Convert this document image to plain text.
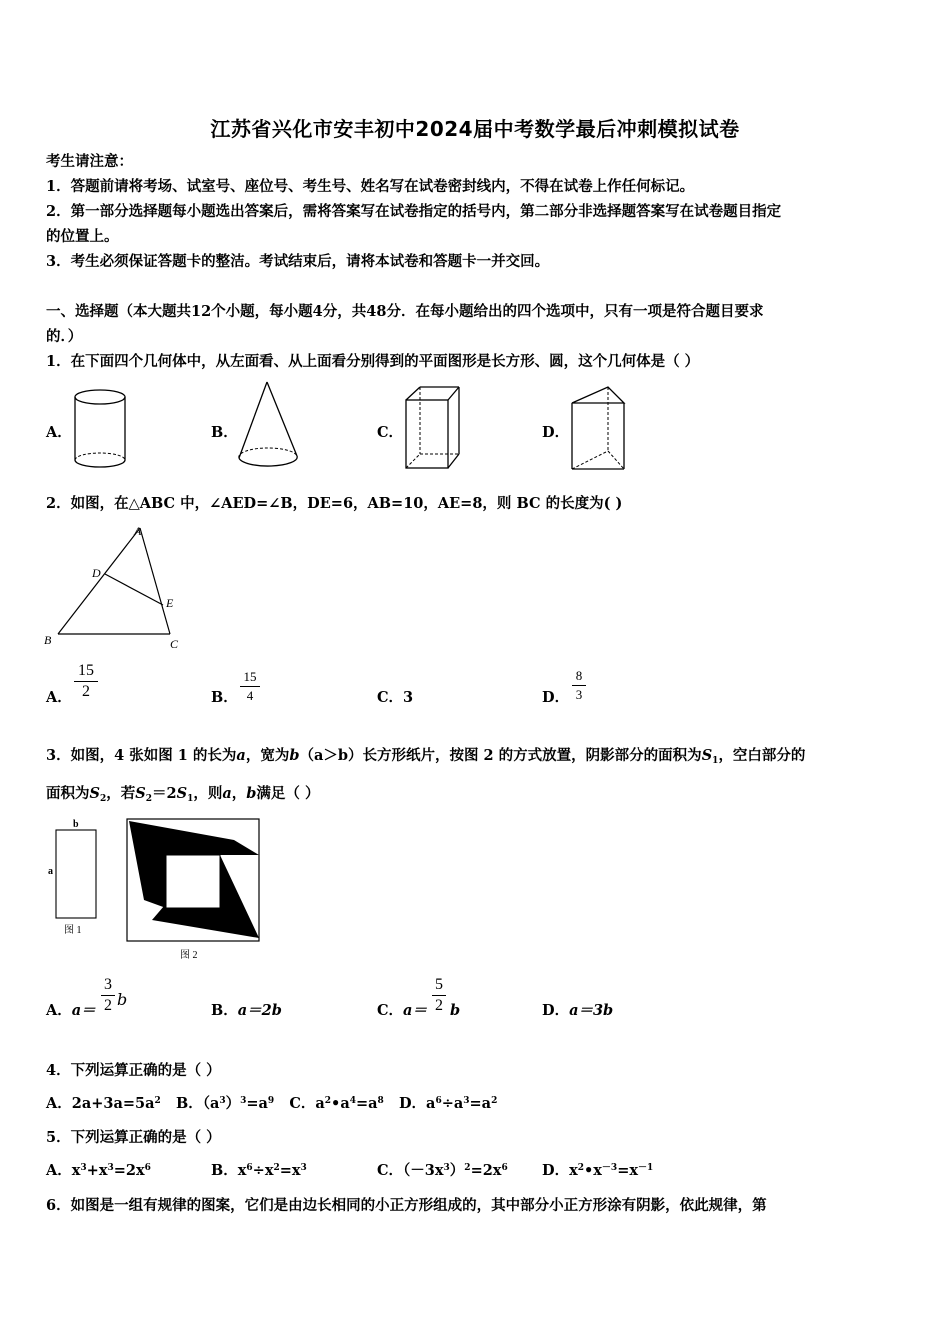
江苏省兴化市安丰初中2024届中考数学最后冲刺模拟试卷
考生请注意：
1．答题前请将考场、试室号、座位号、考生号、姓名写在试卷密封线内，不得在试卷上作任何标记。
2．第一部分选择题每小题选出答案后，需将答案写在试卷指定的括号内，第二部分非选择题答案写在试卷题目指定
的位置上。
3．考生必须保证答题卡的整洁。考试结束后，请将本试卷和答题卡一并交回。
一、选择题（本大题共12个小题，每小题4分，共48分．在每小题给出的四个选项中，只有一项是符合题目要求
的．）
1．在下面四个几何体中，从左面看、从上面看分别得到的平面图形是长方形、圆，这个几何体是（ ）
A．	B．	C．	D．
2．如图，在△ABC 中，∠AED=∠B，DE=6，AB=10，AE=8，则 BC 的长度为( )
A
D
E
B	C
A．
15
2	B．
15
4	C．3	D．
8
3
3．如图，4 张如图 1 的长为a，宽为b（a＞b）长方形纸片，按图 2 的方式放置，阴影部分的面积为$S_1$，空白部分的
面积为$S_2$，若$S_2=2S_1$，则a，b满足（ ）
b
a
图 1
图 2
A．a＝
3
2 b
B．a＝2b	C．a＝
5
2 b	D．a＝3b
4．下列运算正确的是（ ）
A．$2a+3a=5a^2$ B．$(a^3)^3=a^9$ C．$a^2•a^4=a^8$ D．$a^6\div a^3=a^2$
5．下列运算正确的是（ ）
A．$x^3+x^3=2x^6$	B．$x^6\div x^2=x^3$	C．$(-3x^3)^2=2x^6$ D．$x^2•x^{-3}=x^{-1}$
6．如图是一组有规律的图案，它们是由边长相同的小正方形组成的，其中部分小正方形涂有阴影，依此规律，第
